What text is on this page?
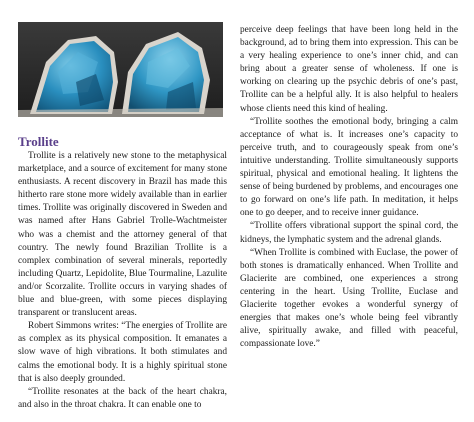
Trollite

Trollite is a relatively new stone to the metaphysical marketplace, and a source of excitement for many stone enthusiasts. A recent discovery in Brazil has made this hitherto rare stone more widely available than in earlier times. Trollite was originally discovered in Sweden and was named after Hans Gabriel Trolle-Wachtmeister who was a chemist and the attorney general of that country. The newly found Brazilian Trollite is a complex combination of several minerals, reportedly including Quartz, Lepidolite, Blue Tourmaline, Lazulite and/or Scorzalite. Trollite occurs in varying shades of blue and blue-green, with some pieces displaying transparent or translucent areas.

Robert Simmons writes: “The energies of Trollite are as complex as its physical composition. It emanates a slow wave of high vibrations. It both stimulates and calms the emotional body. It is a highly spiritual stone that is also deeply grounded.

“Trollite resonates at the back of the heart chakra, and also in the throat chakra. It can enable one to

perceive deep feelings that have been long held in the background, ad to bring them into expression. This can be a very healing experience to one’s inner chid, and can bring about a greater sense of wholeness. If one is working on clearing up the psychic debris of one’s past, Trollite can be a helpful ally. It is also helpful to healers whose clients need this kind of healing.

“Trollite soothes the emotional body, bringing a calm acceptance of what is. It increases one’s capacity to perceive truth, and to courageously speak from one’s intuitive understanding. Trollite simultaneously supports spiritual, physical and emotional healing. It lightens the sense of being burdened by problems, and encourages one to go forward on one’s life path. In meditation, it helps one to go deeper, and to receive inner guidance.

“Trollite offers vibrational support the spinal cord, the kidneys, the lymphatic system and the adrenal glands.

“When Trollite is combined with Euclase, the power of both stones is dramatically enhanced. When Trollite and Glacierite are combined, one experiences a strong centering in the heart. Using Trollite, Euclase and Glacierite together evokes a wonderful synergy of energies that makes one’s whole being feel vibrantly alive, spiritually awake, and filled with peaceful, compassionate love.”
